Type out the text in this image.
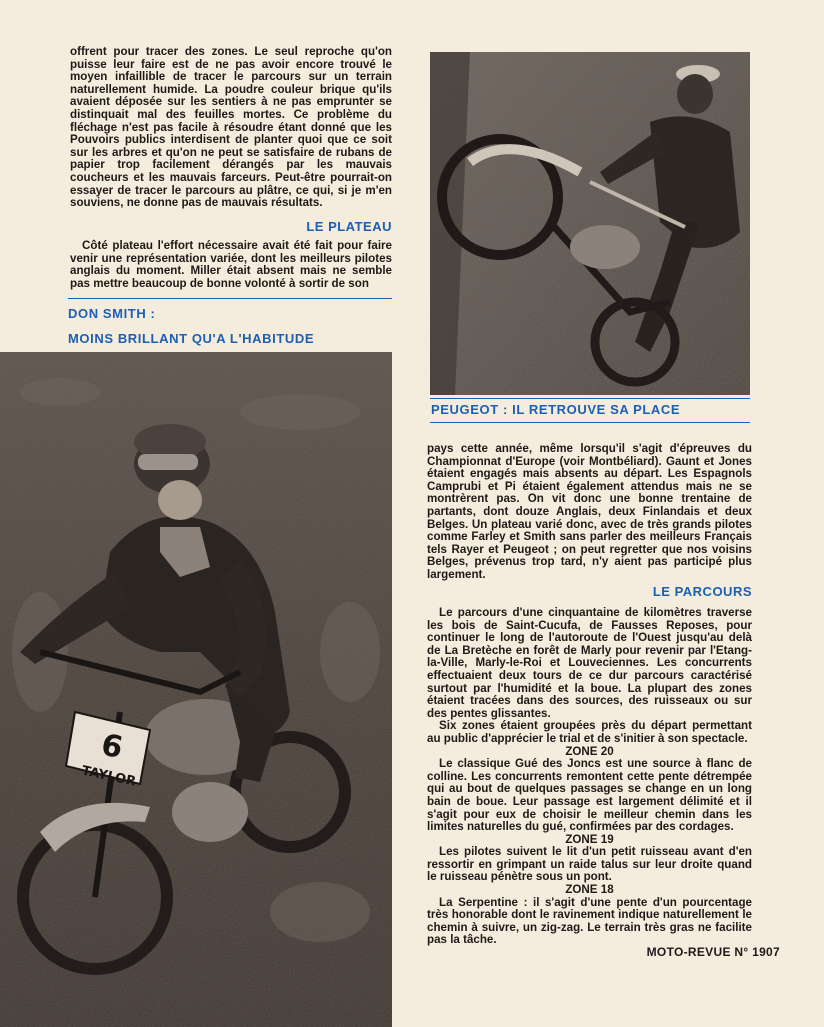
offrent pour tracer des zones. Le seul reproche qu'on puisse leur faire est de ne pas avoir encore trouvé le moyen infaillible de tracer le parcours sur un terrain naturellement humide. La poudre couleur brique qu'ils avaient déposée sur les sentiers à ne pas emprunter se distinquait mal des feuilles mortes. Ce problème du fléchage n'est pas facile à résoudre étant donné que les Pouvoirs publics interdisent de planter quoi que ce soit sur les arbres et qu'on ne peut se satisfaire de rubans de papier trop facilement dérangés par les mauvais coucheurs et les mauvais farceurs. Peut-être pourrait-on essayer de tracer le parcours au plâtre, ce qui, si je m'en souviens, ne donne pas de mauvais résultats.

LE PLATEAU

Côté plateau l'effort nécessaire avait été fait pour faire venir une représentation variée, dont les meilleurs pilotes anglais du moment. Miller était absent mais ne semble pas mettre beaucoup de bonne volonté à sortir de son

DON SMITH :
MOINS BRILLANT QU'A L'HABITUDE
6
TAYLOR
PEUGEOT : IL RETROUVE SA PLACE

pays cette année, même lorsqu'il s'agit d'épreuves du Championnat d'Europe (voir Montbéliard). Gaunt et Jones étaient engagés mais absents au départ. Les Espagnols Camprubi et Pi étaient également attendus mais ne se montrèrent pas. On vit donc une bonne trentaine de partants, dont douze Anglais, deux Finlandais et deux Belges. Un plateau varié donc, avec de très grands pilotes comme Farley et Smith sans parler des meilleurs Français tels Rayer et Peugeot ; on peut regretter que nos voisins Belges, prévenus trop tard, n'y aient pas participé plus largement.

LE PARCOURS

Le parcours d'une cinquantaine de kilomètres traverse les bois de Saint-Cucufa, de Fausses Reposes, pour continuer le long de l'autoroute de l'Ouest jusqu'au delà de La Bretèche en forêt de Marly pour revenir par l'Etang-la-Ville, Marly-le-Roi et Louveciennes. Les concurrents effectuaient deux tours de ce dur parcours caractérisé surtout par l'humidité et la boue. La plupart des zones étaient tracées dans des sources, des ruisseaux ou sur des pentes glissantes.

Six zones étaient groupées près du départ permettant au public d'apprécier le trial et de s'initier à son spectacle.

ZONE 20

Le classique Gué des Joncs est une source à flanc de colline. Les concurrents remontent cette pente détrempée qui au bout de quelques passages se change en un long bain de boue. Leur passage est largement délimité et il s'agit pour eux de choisir le meilleur chemin dans les limites naturelles du gué, confirmées par des cordages.

ZONE 19

Les pilotes suivent le lit d'un petit ruisseau avant d'en ressortir en grimpant un raide talus sur leur droite quand le ruisseau pénètre sous un pont.

ZONE 18

La Serpentine : il s'agit d'une pente d'un pourcentage très honorable dont le ravinement indique naturellement le chemin à suivre, un zig-zag. Le terrain très gras ne facilite pas la tâche.

MOTO-REVUE N° 1907
